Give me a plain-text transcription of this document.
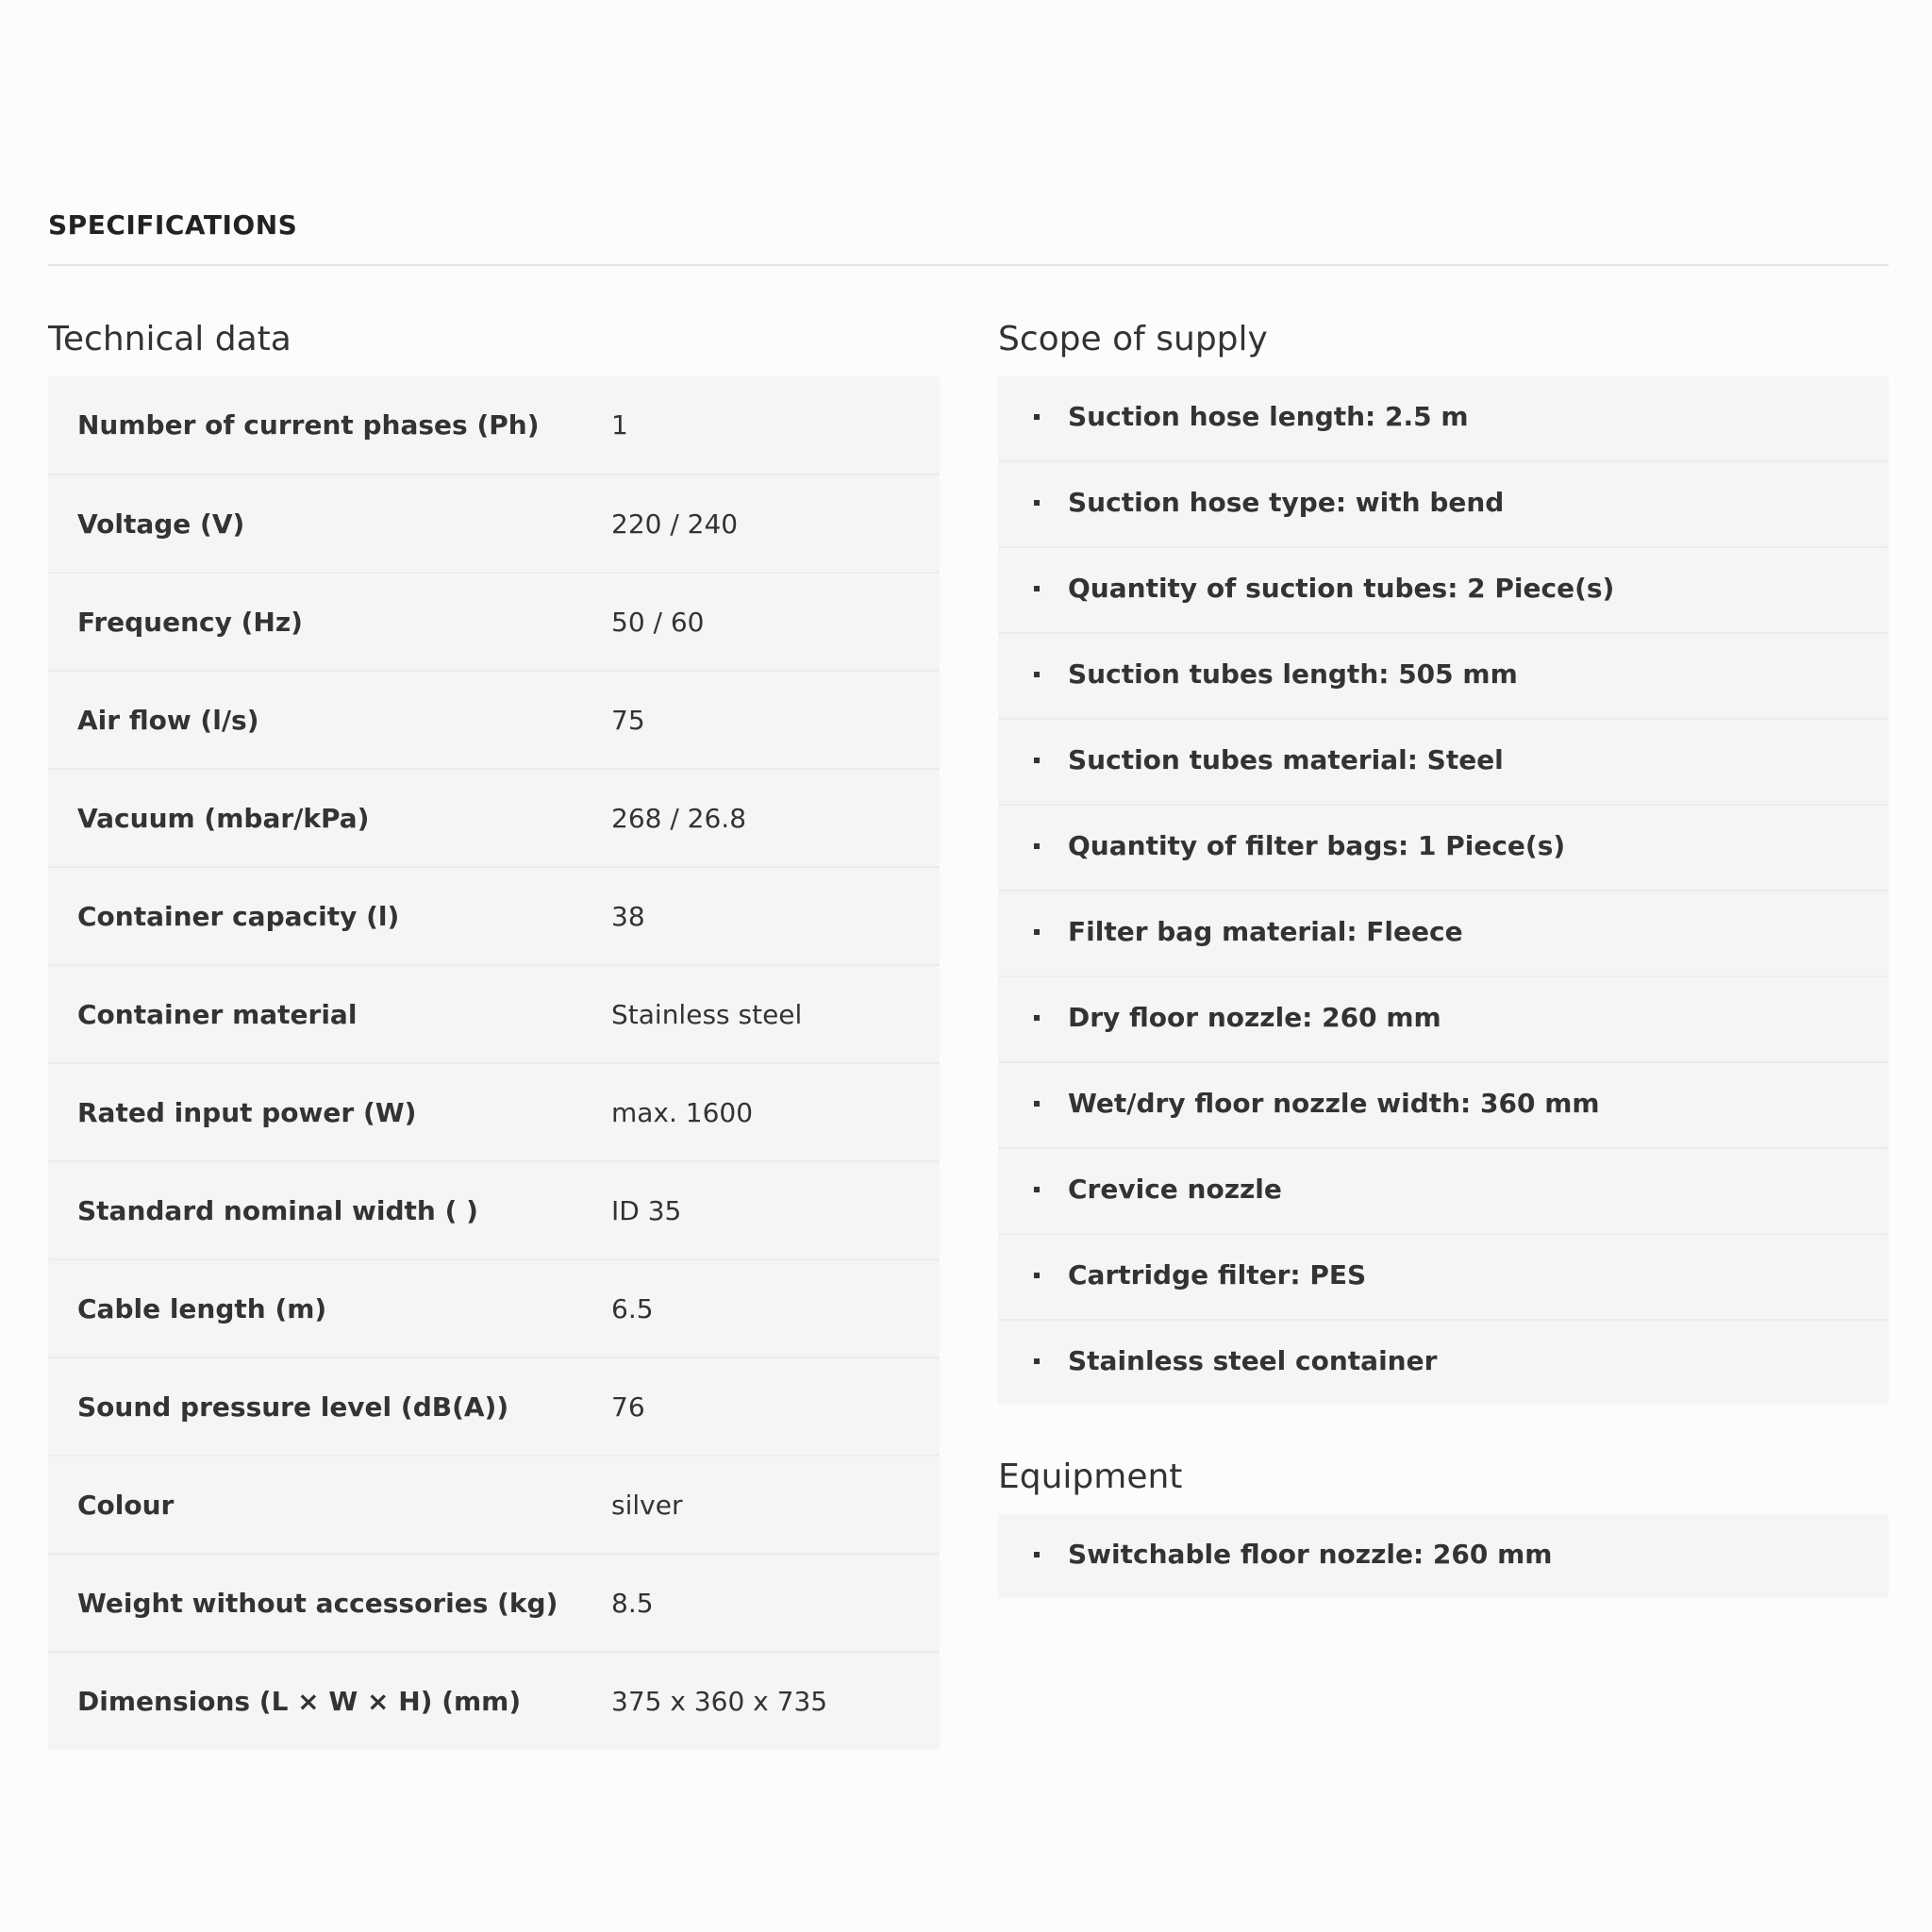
SPECIFICATIONS
Technical data
Number of current phases (Ph)	1
Voltage (V)	220 / 240
Frequency (Hz)	50 / 60
Air flow (l/s)	75
Vacuum (mbar/kPa)	268 / 26.8
Container capacity (l)	38
Container material	Stainless steel
Rated input power (W)	max. 1600
Standard nominal width ( )	ID 35
Cable length (m)	6.5
Sound pressure level (dB(A))	76
Colour	silver
Weight without accessories (kg)	8.5
Dimensions (L × W × H) (mm)	375 x 360 x 735
Scope of supply
Suction hose length: 2.5 m
Suction hose type: with bend
Quantity of suction tubes: 2 Piece(s)
Suction tubes length: 505 mm
Suction tubes material: Steel
Quantity of filter bags: 1 Piece(s)
Filter bag material: Fleece
Dry floor nozzle: 260 mm
Wet/dry floor nozzle width: 360 mm
Crevice nozzle
Cartridge filter: PES
Stainless steel container
Equipment
Switchable floor nozzle: 260 mm
